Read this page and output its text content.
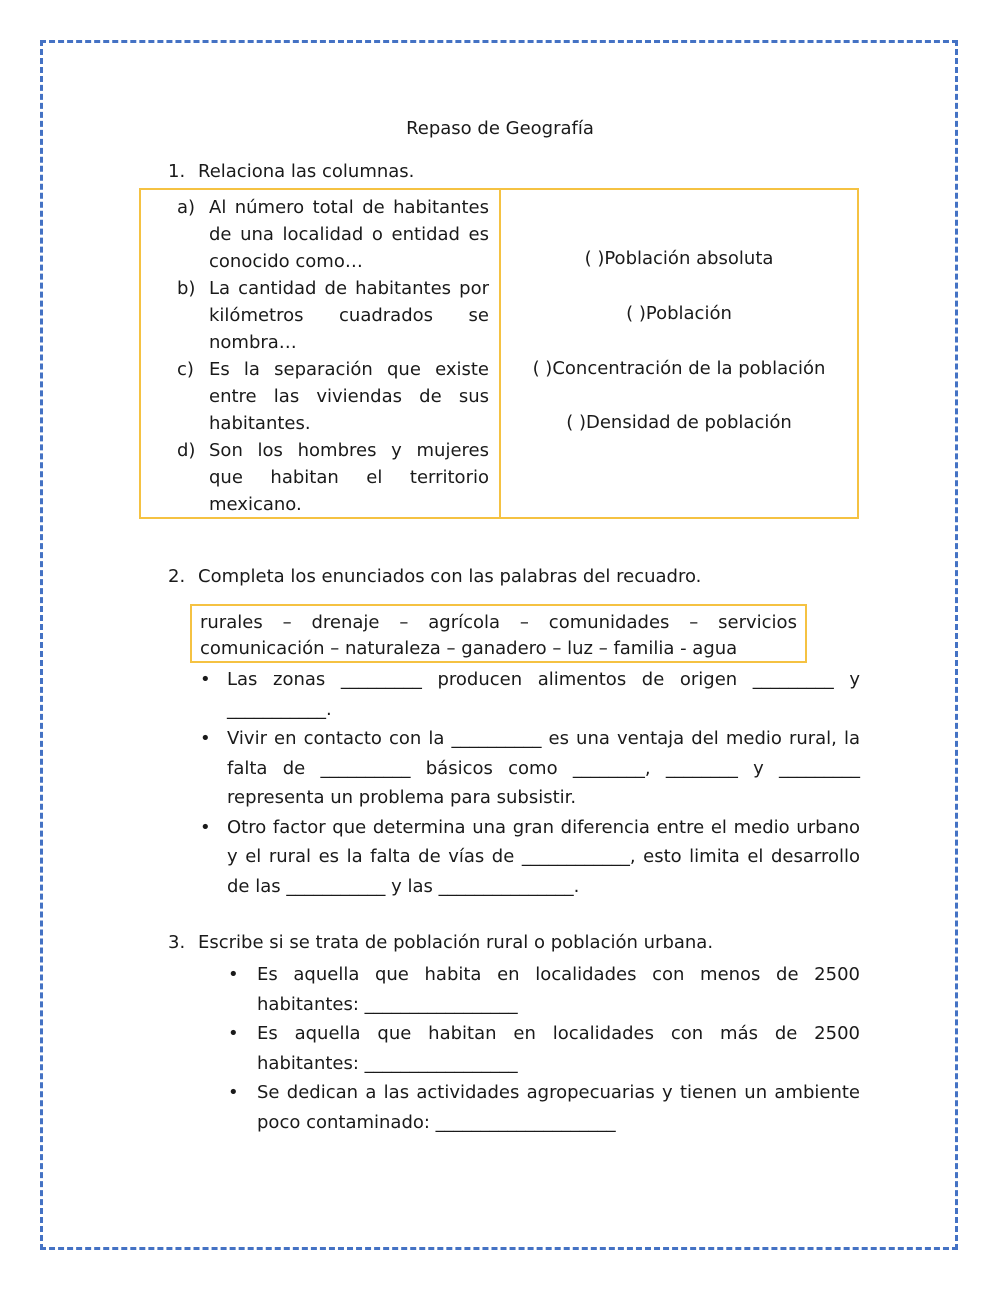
Repaso de Geografía
1. Relaciona las columnas.
a) Al número total de habitantes de una localidad o entidad es conocido como…
b) La cantidad de habitantes por kilómetros cuadrados se nombra…
c) Es la separación que existe entre las viviendas de sus habitantes.
d) Son los hombres y mujeres que habitan el territorio mexicano.
( )Población absoluta
( )Población
( )Concentración de la población
( )Densidad de población
2. Completa los enunciados con las palabras del recuadro.
rurales – drenaje – agrícola – comunidades – servicios
comunicación – naturaleza – ganadero – luz – familia - agua
• Las zonas _________ producen alimentos de origen _________ y ___________.
• Vivir en contacto con la __________ es una ventaja del medio rural, la falta de __________ básicos como ________, ________ y _________ representa un problema para subsistir.
• Otro factor que determina una gran diferencia entre el medio urbano y el rural es la falta de vías de ____________, esto limita el desarrollo de las ___________ y las _______________.
3. Escribe si se trata de población rural o población urbana.
• Es aquella que habita en localidades con menos de 2500 habitantes: _________________
• Es aquella que habitan en localidades con más de 2500 habitantes: _________________
• Se dedican a las actividades agropecuarias y tienen un ambiente poco contaminado: ____________________
